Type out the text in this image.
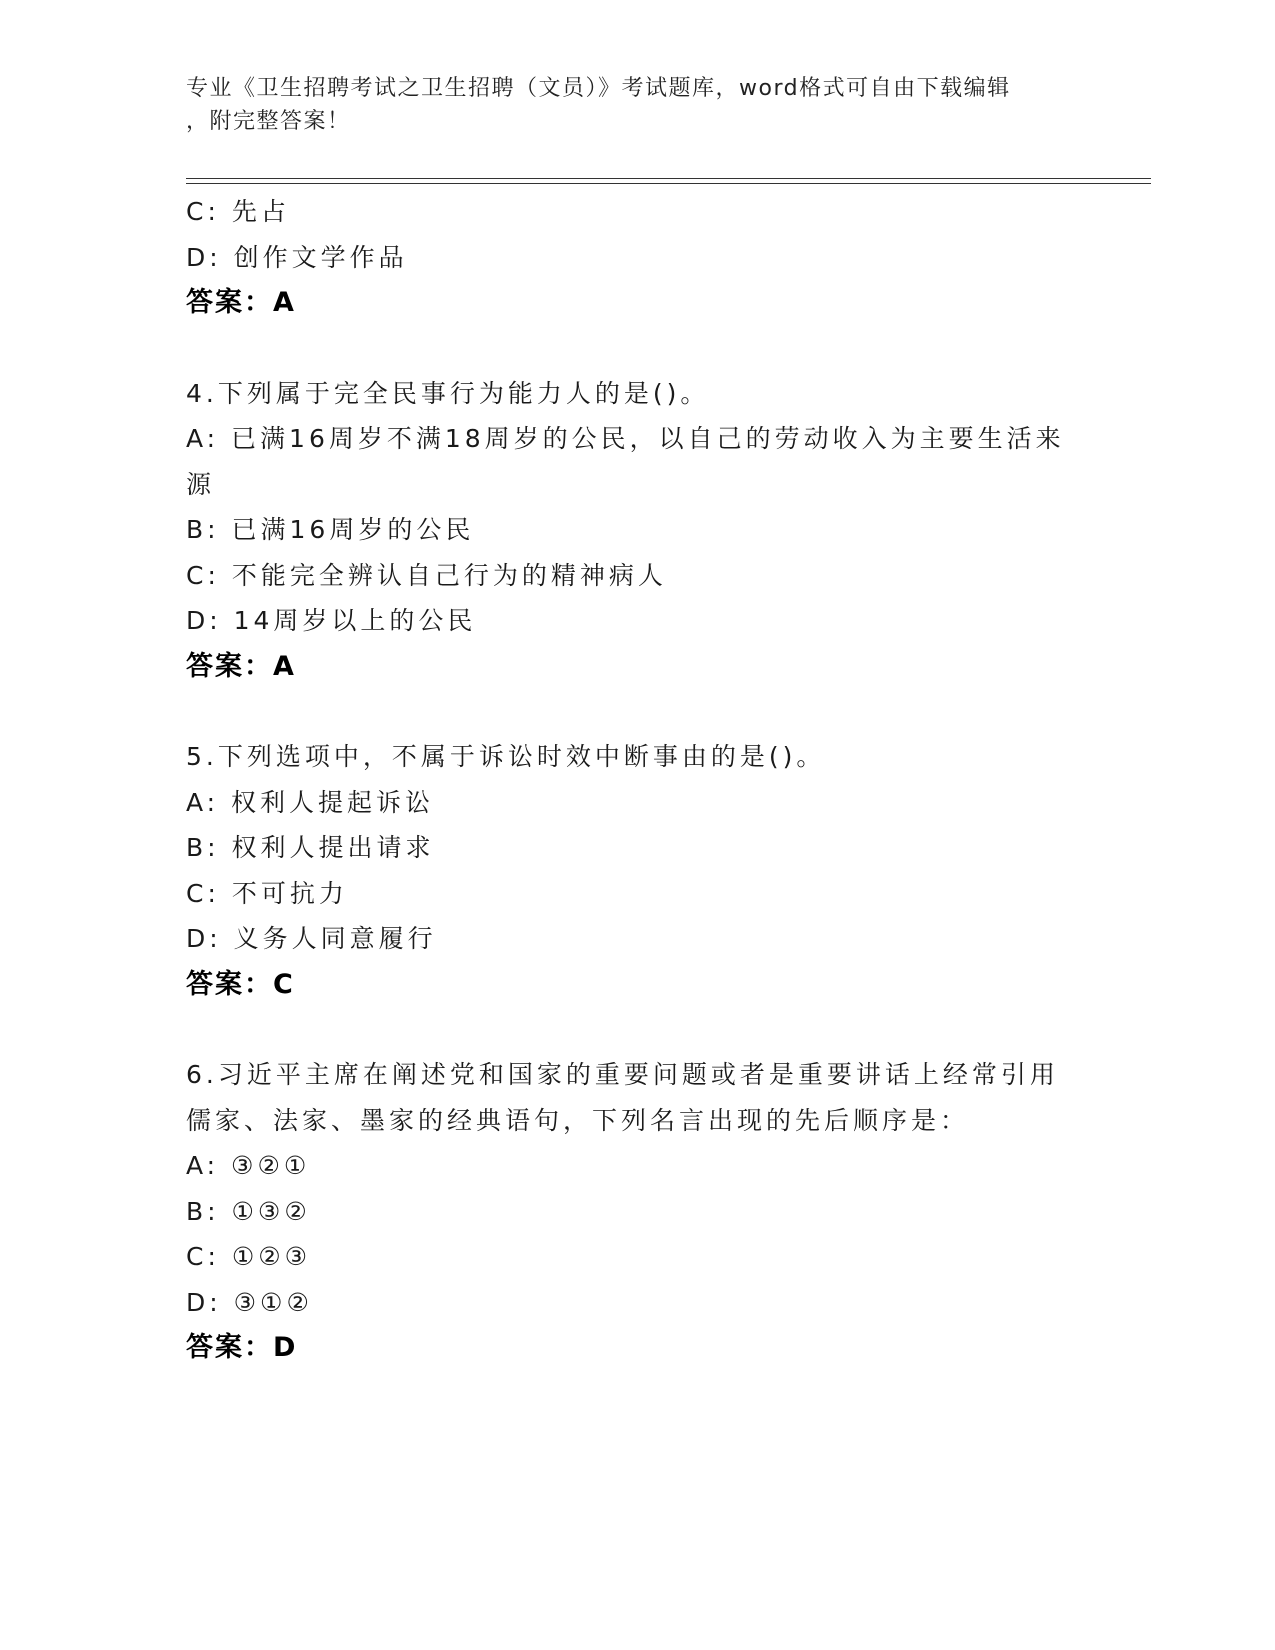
专业《卫生招聘考试之卫生招聘（文员）》考试题库，word格式可自由下载编辑
，附完整答案！
C: 先占
D: 创作文学作品
答案：A
4.下列属于完全民事行为能力人的是()。
A: 已满16周岁不满18周岁的公民，以自己的劳动收入为主要生活来
源
B: 已满16周岁的公民
C: 不能完全辨认自己行为的精神病人
D: 14周岁以上的公民
答案：A
5.下列选项中，不属于诉讼时效中断事由的是()。
A: 权利人提起诉讼
B: 权利人提出请求
C: 不可抗力
D: 义务人同意履行
答案：C
6.习近平主席在阐述党和国家的重要问题或者是重要讲话上经常引用
儒家、法家、墨家的经典语句，下列名言出现的先后顺序是：
A: ③②①
B: ①③②
C: ①②③
D: ③①②
答案：D
